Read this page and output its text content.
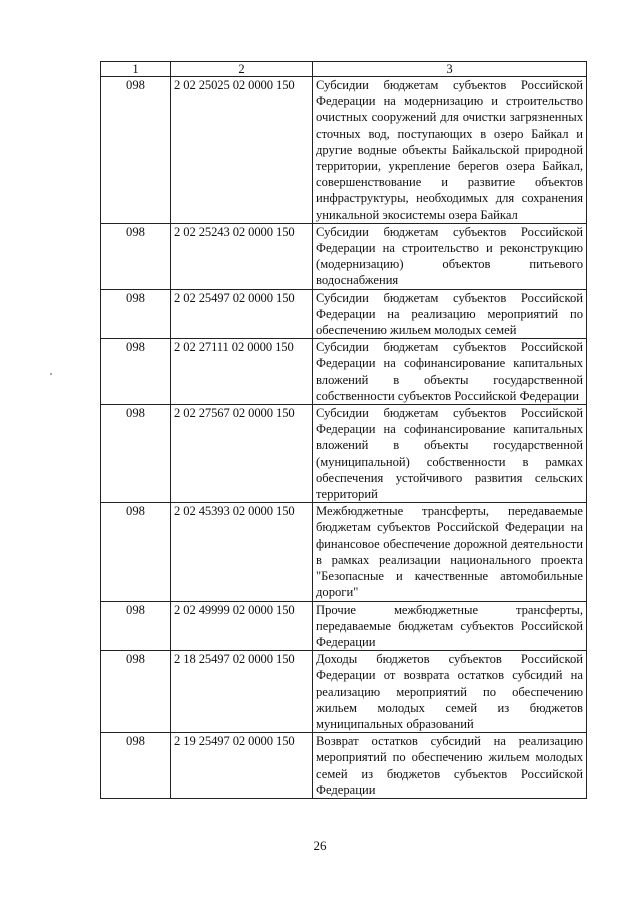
1	2	3
098	2 02 25025 02 0000 150	Субсидии бюджетам субъектов Российской Федерации на модернизацию и строительство очистных сооружений для очистки загрязненных сточных вод, поступающих в озеро Байкал и другие водные объекты Байкальской природной территории, укрепление берегов озера Байкал, совершенствование и развитие объектов инфраструктуры, необходимых для сохранения уникальной экосистемы озера Байкал
098	2 02 25243 02 0000 150	Субсидии бюджетам субъектов Российской Федерации на строительство и реконструкцию (модернизацию) объектов питьевого водоснабжения
098	2 02 25497 02 0000 150	Субсидии бюджетам субъектов Российской Федерации на реализацию мероприятий по обеспечению жильем молодых семей
098	2 02 27111 02 0000 150	Субсидии бюджетам субъектов Российской Федерации на софинансирование капитальных вложений в объекты государственной собственности субъектов Российской Федерации
098	2 02 27567 02 0000 150	Субсидии бюджетам субъектов Российской Федерации на софинансирование капитальных вложений в объекты государственной (муниципальной) собственности в рамках обеспечения устойчивого развития сельских территорий
098	2 02 45393 02 0000 150	Межбюджетные трансферты, передаваемые бюджетам субъектов Российской Федерации на финансовое обеспечение дорожной деятельности в рамках реализации национального проекта "Безопасные и качественные автомобильные дороги"
098	2 02 49999 02 0000 150	Прочие межбюджетные трансферты, передаваемые бюджетам субъектов Российской Федерации
098	2 18 25497 02 0000 150	Доходы бюджетов субъектов Российской Федерации от возврата остатков субсидий на реализацию мероприятий по обеспечению жильем молодых семей из бюджетов муниципальных образований
098	2 19 25497 02 0000 150	Возврат остатков субсидий на реализацию мероприятий по обеспечению жильем молодых семей из бюджетов субъектов Российской Федерации
26
